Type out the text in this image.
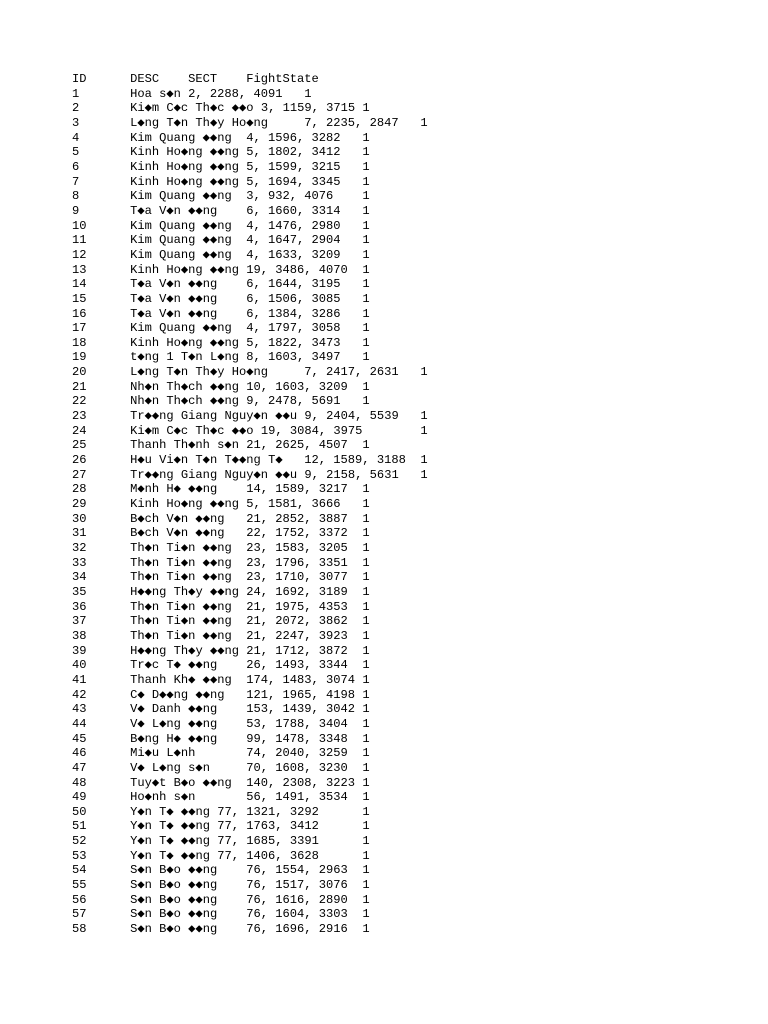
ID	DESC	SECT	FightState
1	Hoa s◆n	2, 2288, 4091	1
2	Ki◆m C◆c Th◆c ◆◆o 3, 1159, 3715	1
3	L◆ng T◆n Th◆y Ho◆ng	7, 2235, 2847	1
4	Kim Quang ◆◆ng	4, 1596, 3282	1
5	Kinh Ho◆ng ◆◆ng	5, 1802, 3412	1
6	Kinh Ho◆ng ◆◆ng	5, 1599, 3215	1
7	Kinh Ho◆ng ◆◆ng	5, 1694, 3345	1
8	Kim Quang ◆◆ng	3, 932, 4076	1
9	T◆a V◆n ◆◆ng	6, 1660, 3314	1
10	Kim Quang ◆◆ng	4, 1476, 2980	1
11	Kim Quang ◆◆ng	4, 1647, 2904	1
12	Kim Quang ◆◆ng	4, 1633, 3209	1
13	Kinh Ho◆ng ◆◆ng	19, 3486, 4070	1
14	T◆a V◆n ◆◆ng	6, 1644, 3195	1
15	T◆a V◆n ◆◆ng	6, 1506, 3085	1
16	T◆a V◆n ◆◆ng	6, 1384, 3286	1
17	Kim Quang ◆◆ng	4, 1797, 3058	1
18	Kinh Ho◆ng ◆◆ng	5, 1822, 3473	1
19	t◆ng 1 T◆n L◆ng	8, 1603, 3497	1
20	L◆ng T◆n Th◆y Ho◆ng	7, 2417, 2631	1
21	Nh◆n Th◆ch ◆◆ng	10, 1603, 3209	1
22	Nh◆n Th◆ch ◆◆ng	9, 2478, 5691	1
23	Tr◆◆ng Giang Nguy◆n ◆◆u 9, 2404, 5539	1
24	Ki◆m C◆c Th◆c ◆◆o 19, 3084, 3975	1
25	Thanh Th◆nh s◆n	21, 2625, 4507	1
26	H◆u Vi◆n T◆n T◆◆ng T◆	12, 1589, 3188	1
27	Tr◆◆ng Giang Nguy◆n ◆◆u 9, 2158, 5631	1
28	M◆nh H◆ ◆◆ng	14, 1589, 3217	1
29	Kinh Ho◆ng ◆◆ng	5, 1581, 3666	1
30	B◆ch V◆n ◆◆ng	21, 2852, 3887	1
31	B◆ch V◆n ◆◆ng	22, 1752, 3372	1
32	Th◆n Ti◆n ◆◆ng	23, 1583, 3205	1
33	Th◆n Ti◆n ◆◆ng	23, 1796, 3351	1
34	Th◆n Ti◆n ◆◆ng	23, 1710, 3077	1
35	H◆◆ng Th◆y ◆◆ng	24, 1692, 3189	1
36	Th◆n Ti◆n ◆◆ng	21, 1975, 4353	1
37	Th◆n Ti◆n ◆◆ng	21, 2072, 3862	1
38	Th◆n Ti◆n ◆◆ng	21, 2247, 3923	1
39	H◆◆ng Th◆y ◆◆ng	21, 1712, 3872	1
40	Tr◆c T◆ ◆◆ng	26, 1493, 3344	1
41	Thanh Kh◆ ◆◆ng	174, 1483, 3074	1
42	C◆ D◆◆ng ◆◆ng	121, 1965, 4198	1
43	V◆ Danh ◆◆ng	153, 1439, 3042	1
44	V◆ L◆ng ◆◆ng	53, 1788, 3404	1
45	B◆ng H◆ ◆◆ng	99, 1478, 3348	1
46	Mi◆u L◆nh	74, 2040, 3259	1
47	V◆ L◆ng s◆n	70, 1608, 3230	1
48	Tuy◆t B◆o ◆◆ng	140, 2308, 3223	1
49	Ho◆nh s◆n	56, 1491, 3534	1
50	Y◆n T◆ ◆◆ng 77, 1321, 3292	1
51	Y◆n T◆ ◆◆ng 77, 1763, 3412	1
52	Y◆n T◆ ◆◆ng 77, 1685, 3391	1
53	Y◆n T◆ ◆◆ng 77, 1406, 3628	1
54	S◆n B◆o ◆◆ng	76, 1554, 2963	1
55	S◆n B◆o ◆◆ng	76, 1517, 3076	1
56	S◆n B◆o ◆◆ng	76, 1616, 2890	1
57	S◆n B◆o ◆◆ng	76, 1604, 3303	1
58	S◆n B◆o ◆◆ng	76, 1696, 2916	1
